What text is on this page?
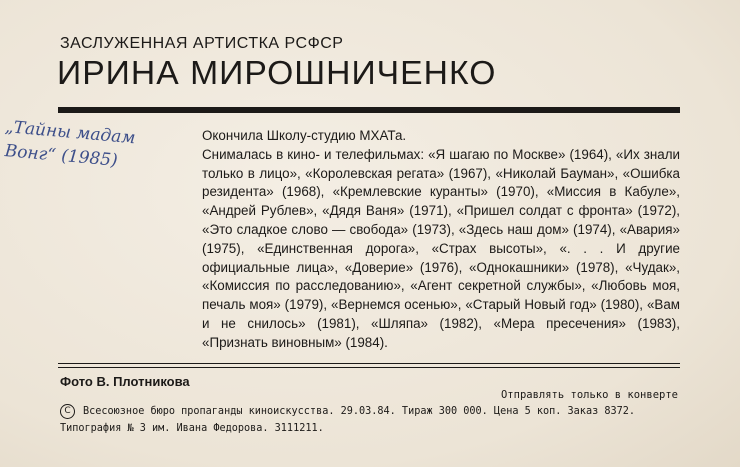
ЗАСЛУЖЕННАЯ АРТИСТКА РСФСР
ИРИНА МИРОШНИЧЕНКО
„Тайны мадам
Вонг“ (1985)

Окончила Школу-студию МХАТа.

Снималась в кино- и телефильмах: «Я шагаю по Москве» (1964), «Их знали только в лицо», «Королевская регата» (1967), «Николай Бауман», «Ошибка резидента» (1968), «Кремлевские куранты» (1970), «Миссия в Кабуле», «Андрей Рублев», «Дядя Ваня» (1971), «Пришел солдат с фронта» (1972), «Это сладкое слово — свобода» (1973), «Здесь наш дом» (1974), «Авария» (1975), «Единственная дорога», «Страх высоты», «. . . И другие официальные лица», «Доверие» (1976), «Однокашники» (1978), «Чудак», «Комиссия по расследованию», «Агент секретной службы», «Любовь моя, печаль моя» (1979), «Вернемся осенью», «Старый Новый год» (1980), «Вам и не снилось» (1981), «Шляпа» (1982), «Мера пресечения» (1983), «Признать виновным» (1984).

Фото В. Плотникова
Отправлять только в конверте
C Всесоюзное бюро пропаганды киноискусства. 29.03.84. Тираж 300 000. Цена 5 коп. Заказ 8372.
Типография № 3 им. Ивана Федорова. 3111211.
